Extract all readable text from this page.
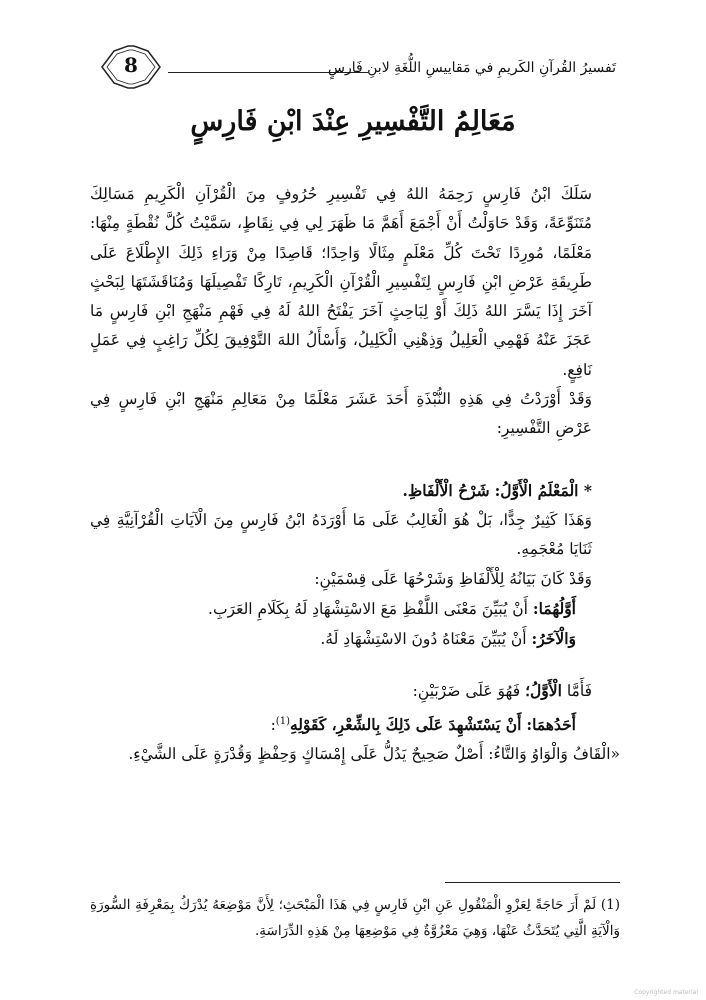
8	تَفسيرُ القُرآنِ الكَريمِ في مَقاييسِ اللُّغَةِ لابنِ فَارسٍ
مَعَالِمُ التَّفْسِيرِ عِنْدَ ابْنِ فَارِسٍ

سَلَكَ ابْنُ فَارِسٍ رَحِمَهُ اللهُ فِي تَفْسِيرِ حُرُوفٍ مِنَ الْقُرْآنِ الْكَرِيمِ مَسَالِكَ مُتَنَوِّعَةً، وَقَدْ حَاوَلْتُ أَنْ أَجْمَعَ أَهَمَّ مَا ظَهَرَ لِي فِي نِقَاطٍ، سَمَّيْتُ كُلَّ نُقْطَةٍ مِنْهَا: مَعْلَمًا، مُورِدًا تَحْتَ كُلِّ مَعْلَمٍ مِثَالًا وَاحِدًا؛ قَاصِدًا مِنْ وَرَاءِ ذَلِكَ الإِطْلَاعَ عَلَى طَرِيقَةِ عَرْضِ ابْنِ فَارِسٍ لِتَفْسِيرِ الْقُرْآنِ الْكَرِيمِ، تَارِكًا تَفْصِيلَهَا وَمُنَاقَشَتَهَا لِبَحْثٍ آخَرَ إِذَا يَسَّرَ اللهُ ذَلِكَ أَوْ لِبَاحِثٍ آخَرَ يَفْتَحُ اللهُ لَهُ فِي فَهْمِ مَنْهَجِ ابْنِ فَارِسٍ مَا عَجَزَ عَنْهُ فَهْمِي الْعَلِيلُ وَذِهْنِي الْكَلِيلُ، وَأَسْأَلُ اللهَ التَّوْفِيقَ لِكُلِّ رَاغِبٍ فِي عَمَلٍ نَافِعٍ.

وَقَدْ أَوْرَدْتُ فِي هَذِهِ النُّبْذَةِ أَحَدَ عَشَرَ مَعْلَمًا مِنْ مَعَالِمِ مَنْهَجِ ابْنِ فَارِسٍ فِي عَرْضِ التَّفْسِيرِ:

* الْمَعْلَمُ الْأَوَّلُ: شَرْحُ الْأَلْفَاظِ.

وَهَذَا كَثِيرٌ جِدًّا، بَلْ هُوَ الْغَالِبُ عَلَى مَا أَوْرَدَهُ ابْنُ فَارِسٍ مِنَ الْآيَاتِ الْقُرْآنِيَّةِ فِي ثَنَايَا مُعْجَمِهِ.

وَقَدْ كَانَ بَيَانُهُ لِلْأَلْفَاظِ وَشَرْحُهَا عَلَى قِسْمَيْنِ:

أَوَّلُهُمَا: أَنْ يُبَيِّنَ مَعْنَى اللَّفْظِ مَعَ الاسْتِشْهَادِ لَهُ بِكَلَامِ العَرَبِ.

وَالْآخَرُ: أَنْ يُبَيِّنَ مَعْنَاهُ دُونَ الاسْتِشْهَادِ لَهُ.

فَأَمَّا الْأَوَّلُ؛ فَهُوَ عَلَى ضَرْبَيْنِ:

أَحَدُهمَا: أَنْ يَسْتَشْهِدَ عَلَى ذَلِكَ بِالشِّعْرِ، كَقَوْلِهِ$^{(1)}$:

«الْقَافُ وَالْوَاوُ وَالتَّاءُ: أَصْلٌ صَحِيحٌ يَدُلُّ عَلَى إِمْسَاكٍ وَحِفْظٍ وَقُدْرَةٍ عَلَى الشَّيْءِ.

(1) لَمْ أَرَ حَاجَةً لِعَزْوِ الْمَنْقُولِ عَنِ ابْنِ فَارِسٍ فِي هَذَا الْمَبْحَثِ؛ لِأَنَّ مَوْضِعَهُ يُدْرَكُ بِمَعْرِفَةِ السُّورَةِ وَالْآيَةِ الَّتِي يُتَحَدَّثُ عَنْهَا، وَهِيَ مَعْزُوَّةٌ فِي مَوْضِعِهَا مِنْ هَذِهِ الدِّرَاسَةِ.

Copyrighted material
